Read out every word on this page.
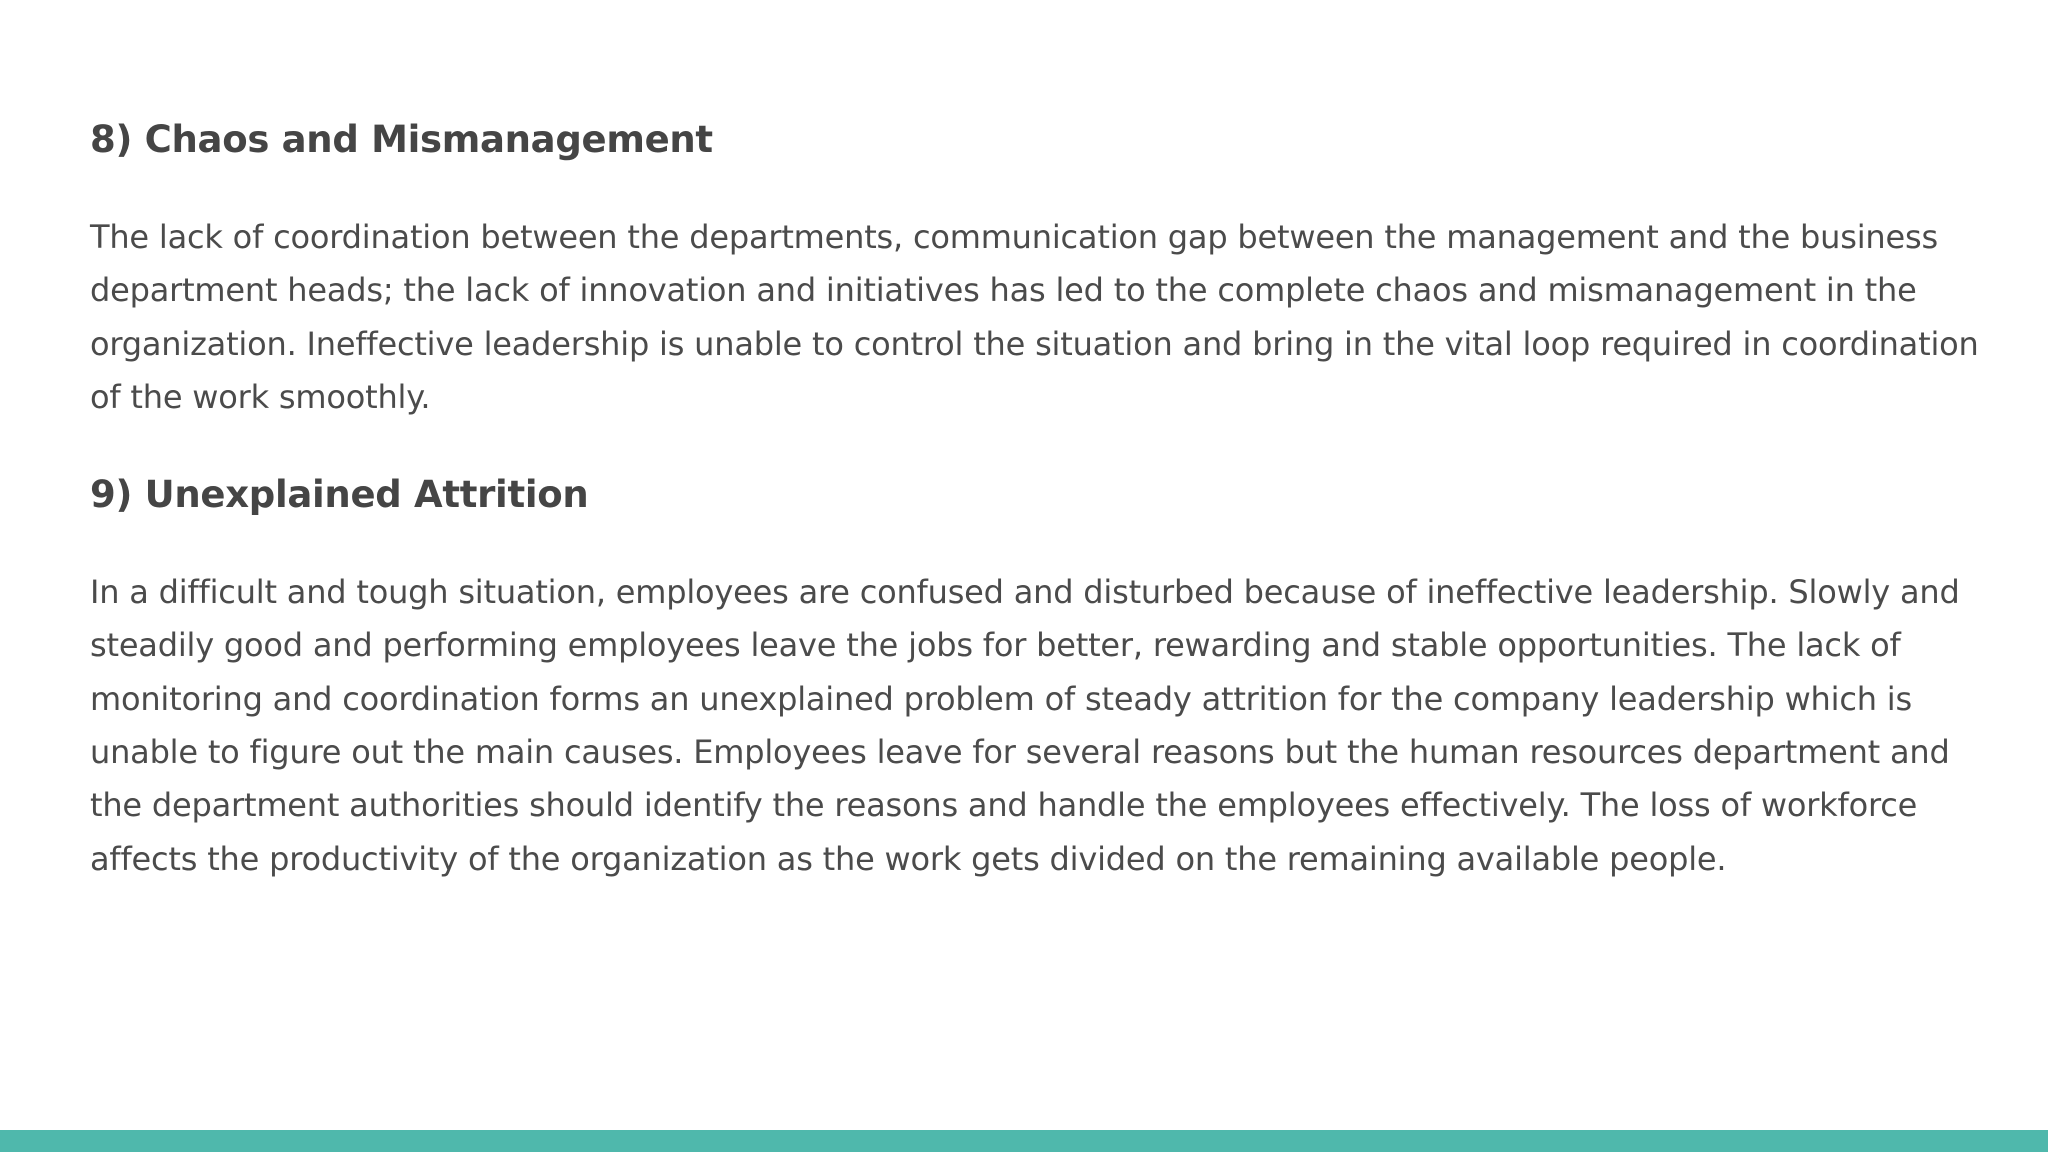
8) Chaos and Mismanagement

The lack of coordination between the departments, communication gap between the management and the business department heads; the lack of innovation and initiatives has led to the complete chaos and mismanagement in the organization. Ineffective leadership is unable to control the situation and bring in the vital loop required in coordination of the work smoothly.

9) Unexplained Attrition

In a difficult and tough situation, employees are confused and disturbed because of ineffective leadership. Slowly and steadily good and performing employees leave the jobs for better, rewarding and stable opportunities. The lack of monitoring and coordination forms an unexplained problem of steady attrition for the company leadership which is unable to figure out the main causes. Employees leave for several reasons but the human resources department and the department authorities should identify the reasons and handle the employees effectively. The loss of workforce affects the productivity of the organization as the work gets divided on the remaining available people.
